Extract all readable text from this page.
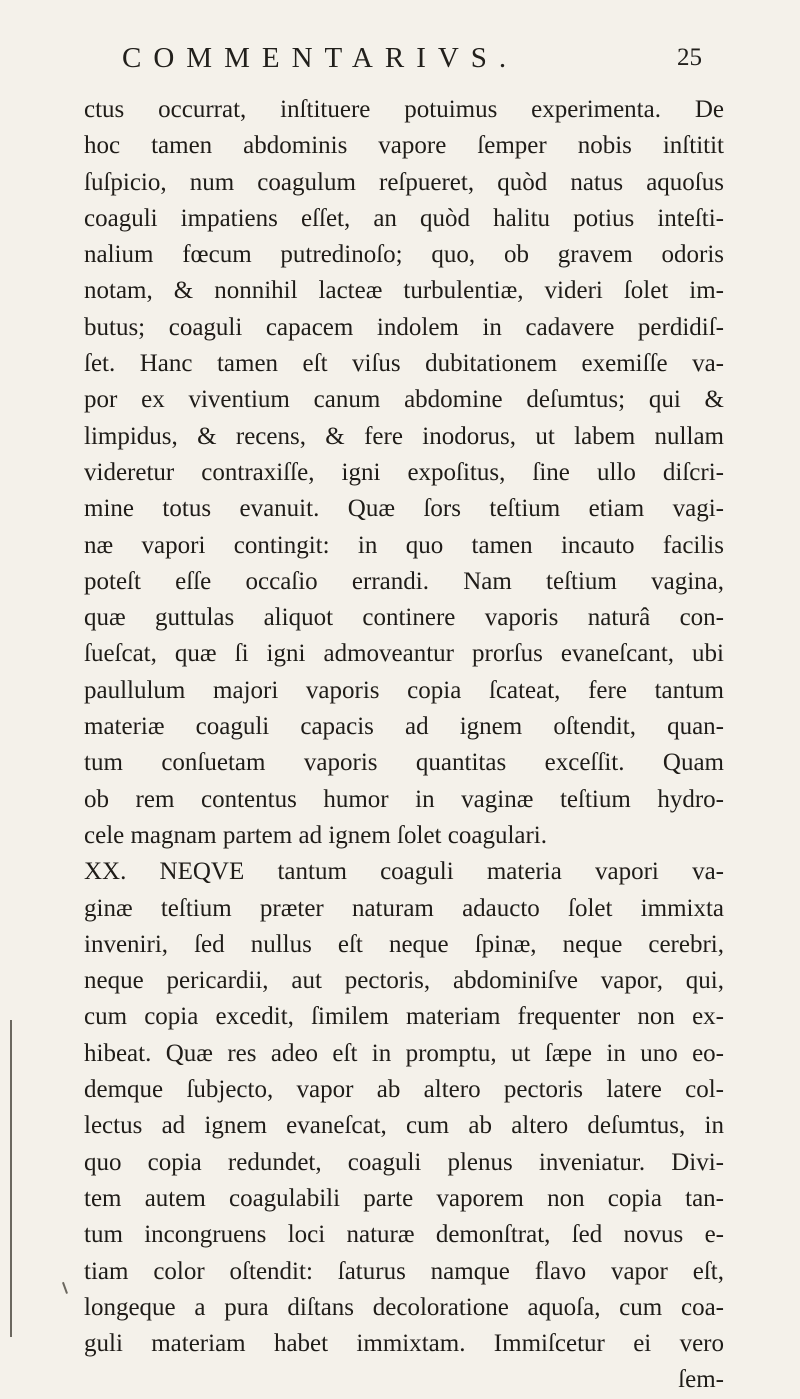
COMMENTARIVS.	25
ctus occurrat, inſtituere potuimus experimenta. De
hoc tamen abdominis vapore ſemper nobis inſtitit
ſuſpicio, num coagulum reſpueret, quòd natus aquoſus
coaguli impatiens eſſet, an quòd halitu potius inteſti-
nalium fœcum putredinoſo; quo, ob gravem odoris
notam, & nonnihil lacteæ turbulentiæ, videri ſolet im-
butus; coaguli capacem indolem in cadavere perdidiſ-
ſet. Hanc tamen eſt viſus dubitationem exemiſſe va-
por ex viventium canum abdomine deſumtus; qui &
limpidus, & recens, & fere inodorus, ut labem nullam
videretur contraxiſſe, igni expoſitus, ſine ullo diſcri-
mine totus evanuit. Quæ ſors teſtium etiam vagi-
næ vapori contingit: in quo tamen incauto facilis
poteſt eſſe occaſio errandi. Nam teſtium vagina,
quæ guttulas aliquot continere vaporis naturâ con-
ſueſcat, quæ ſi igni admoveantur prorſus evaneſcant, ubi
paullulum majori vaporis copia ſcateat, fere tantum
materiæ coaguli capacis ad ignem oſtendit, quan-
tum conſuetam vaporis quantitas exceſſit. Quam
ob rem contentus humor in vaginæ teſtium hydro-
cele magnam partem ad ignem ſolet coagulari.
XX. NEQVE tantum coaguli materia vapori va-
ginæ teſtium præter naturam adaucto ſolet immixta
inveniri, ſed nullus eſt neque ſpinæ, neque cerebri,
neque pericardii, aut pectoris, abdominiſve vapor, qui,
cum copia excedit, ſimilem materiam frequenter non ex-
hibeat. Quæ res adeo eſt in promptu, ut ſæpe in uno eo-
demque ſubjecto, vapor ab altero pectoris latere col-
lectus ad ignem evaneſcat, cum ab altero deſumtus, in
quo copia redundet, coaguli plenus inveniatur. Divi-
tem autem coagulabili parte vaporem non copia tan-
tum incongruens loci naturæ demonſtrat, ſed novus e-
tiam color oſtendit: ſaturus namque flavo vapor eſt,
longeque a pura diſtans decoloratione aquoſa, cum coa-
guli materiam habet immixtam. Immiſcetur ei vero
ſem-
